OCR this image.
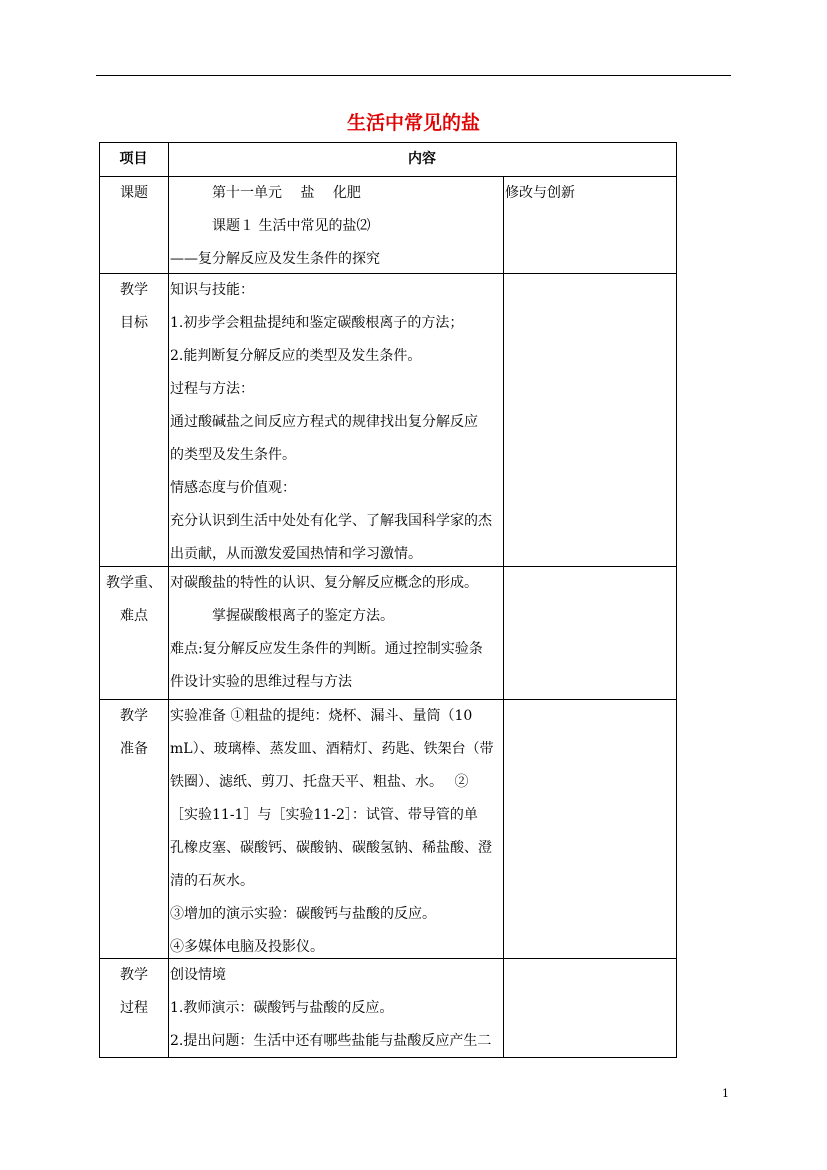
生活中常见的盐
项目	内容
课题	　　　第十一单元　 盐 　化肥
　　　课题１ 生活中常见的盐⑵
——复分解反应及发生条件的探究
修改与创新
教学
目标
知识与技能：
1.初步学会粗盐提纯和鉴定碳酸根离子的方法；
2.能判断复分解反应的类型及发生条件。
过程与方法：
通过酸碱盐之间反应方程式的规律找出复分解反应
的类型及发生条件。
情感态度与价值观：
充分认识到生活中处处有化学、了解我国科学家的杰
出贡献，从而激发爱国热情和学习激情。
教学重、
难点
对碳酸盐的特性的认识、复分解反应概念的形成。
　　　掌握碳酸根离子的鉴定方法。
难点:复分解反应发生条件的判断。通过控制实验条
件设计实验的思维过程与方法
教学
准备
实验准备 ①粗盐的提纯：烧杯、漏斗、量筒（10
mL）、玻璃棒、蒸发皿、酒精灯、药匙、铁架台（带
铁圈）、滤纸、剪刀、托盘天平、粗盐、水。　 ②
［实验11-1］与［实验11-2］：试管、带导管的单
孔橡皮塞、碳酸钙、碳酸钠、碳酸氢钠、稀盐酸、澄
清的石灰水。
③增加的演示实验：碳酸钙与盐酸的反应。
④多媒体电脑及投影仪。
教学
过程
创设情境
1.教师演示：碳酸钙与盐酸的反应。
2.提出问题：生活中还有哪些盐能与盐酸反应产生二
1
